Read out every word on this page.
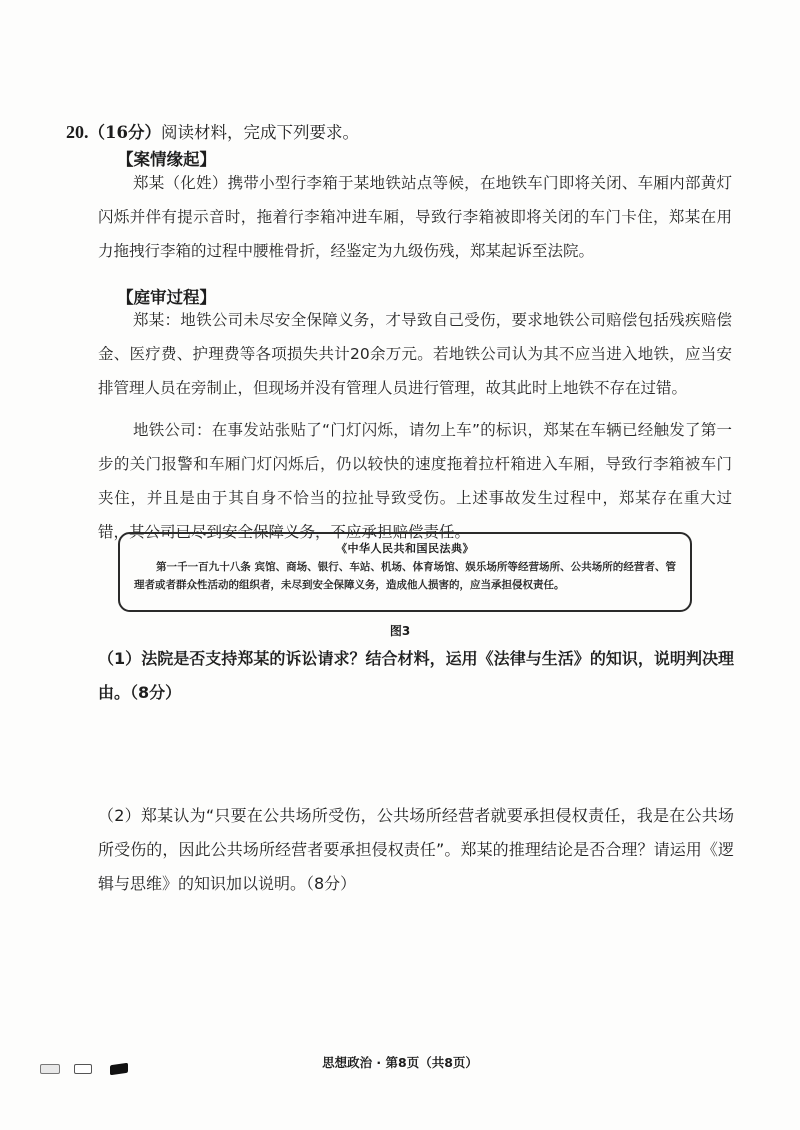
20.（16分）阅读材料，完成下列要求。
【案情缘起】
郑某（化姓）携带小型行李箱于某地铁站点等候，在地铁车门即将关闭、车厢内部黄灯闪烁并伴有提示音时，拖着行李箱冲进车厢，导致行李箱被即将关闭的车门卡住，郑某在用力拖拽行李箱的过程中腰椎骨折，经鉴定为九级伤残，郑某起诉至法院。
【庭审过程】
郑某：地铁公司未尽安全保障义务，才导致自己受伤，要求地铁公司赔偿包括残疾赔偿金、医疗费、护理费等各项损失共计20余万元。若地铁公司认为其不应当进入地铁，应当安排管理人员在旁制止，但现场并没有管理人员进行管理，故其此时上地铁不存在过错。
地铁公司：在事发站张贴了“门灯闪烁，请勿上车”的标识，郑某在车辆已经触发了第一步的关门报警和车厢门灯闪烁后，仍以较快的速度拖着拉杆箱进入车厢，导致行李箱被车门夹住，并且是由于其自身不恰当的拉扯导致受伤。上述事故发生过程中，郑某存在重大过错，其公司已尽到安全保障义务，不应承担赔偿责任。
《中华人民共和国民法典》
第一千一百九十八条 宾馆、商场、银行、车站、机场、体育场馆、娱乐场所等经营场所、公共场所的经营者、管理者或者群众性活动的组织者，未尽到安全保障义务，造成他人损害的，应当承担侵权责任。
图3
（1）法院是否支持郑某的诉讼请求？结合材料，运用《法律与生活》的知识，说明判决理由。（8分）
（2）郑某认为“只要在公共场所受伤，公共场所经营者就要承担侵权责任，我是在公共场所受伤的，因此公共场所经营者要承担侵权责任”。郑某的推理结论是否合理？请运用《逻辑与思维》的知识加以说明。（8分）
思想政治 · 第8页（共8页）
